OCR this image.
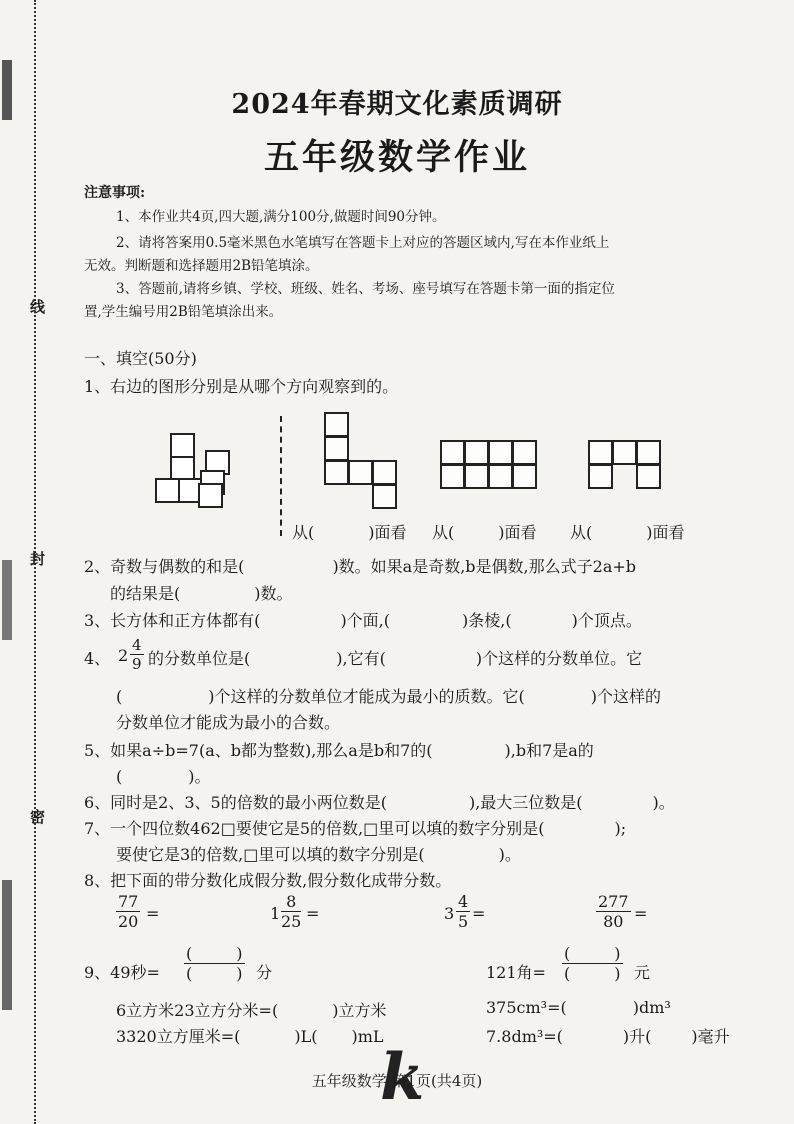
线
封
密
2024年春期文化素质调研
五年级数学作业
注意事项:
1、本作业共4页,四大题,满分100分,做题时间90分钟。
2、请将答案用0.5毫米黑色水笔填写在答题卡上对应的答题区域内,写在本作业纸上
无效。判断题和选择题用2B铅笔填涂。
3、答题前,请将乡镇、学校、班级、姓名、考场、座号填写在答题卡第一面的指定位
置,学生编号用2B铅笔填涂出来。
一、填空(50分)
1、右边的图形分别是从哪个方向观察到的。
从(	)面看 从(	)面看 从(	)面看
2、奇数与偶数的和是(	)数。如果a是奇数,b是偶数,那么式子2a+b
的结果是(	)数。
3、长方体和正方体都有(	)个面,(	)条棱,(	)个顶点。
4、 $2 \frac{4}{9}$ 的分数单位是(	),它有(	)个这样的分数单位。它
(	)个这样的分数单位才能成为最小的质数。它(	)个这样的
分数单位才能成为最小的合数。
5、如果a÷b=7(a、b都为整数),那么a是b和7的(	),b和7是a的
(	)。
6、同时是2、3、5的倍数的最小两位数是(	),最大三位数是(	)。
7、一个四位数462□要使它是5的倍数,□里可以填的数字分别是(	);
要使它是3的倍数,□里可以填的数字分别是(	)。
8、把下面的带分数化成假分数,假分数化成带分数。
$\frac{77}{20}$ =	$1 \frac{8}{25}$ =	$3 \frac{4}{5}$ =	$\frac{277}{80}$ =
9、49秒=
(	)
(	) 分	121角=
(	)
(	) 元
6立方米23立方分米=(	)立方米	375cm³=(	)dm³
3320立方厘米=(	)L( )mL	7.8dm³=(	)升(	)毫升
k
五年级数学 第1页(共4页)
